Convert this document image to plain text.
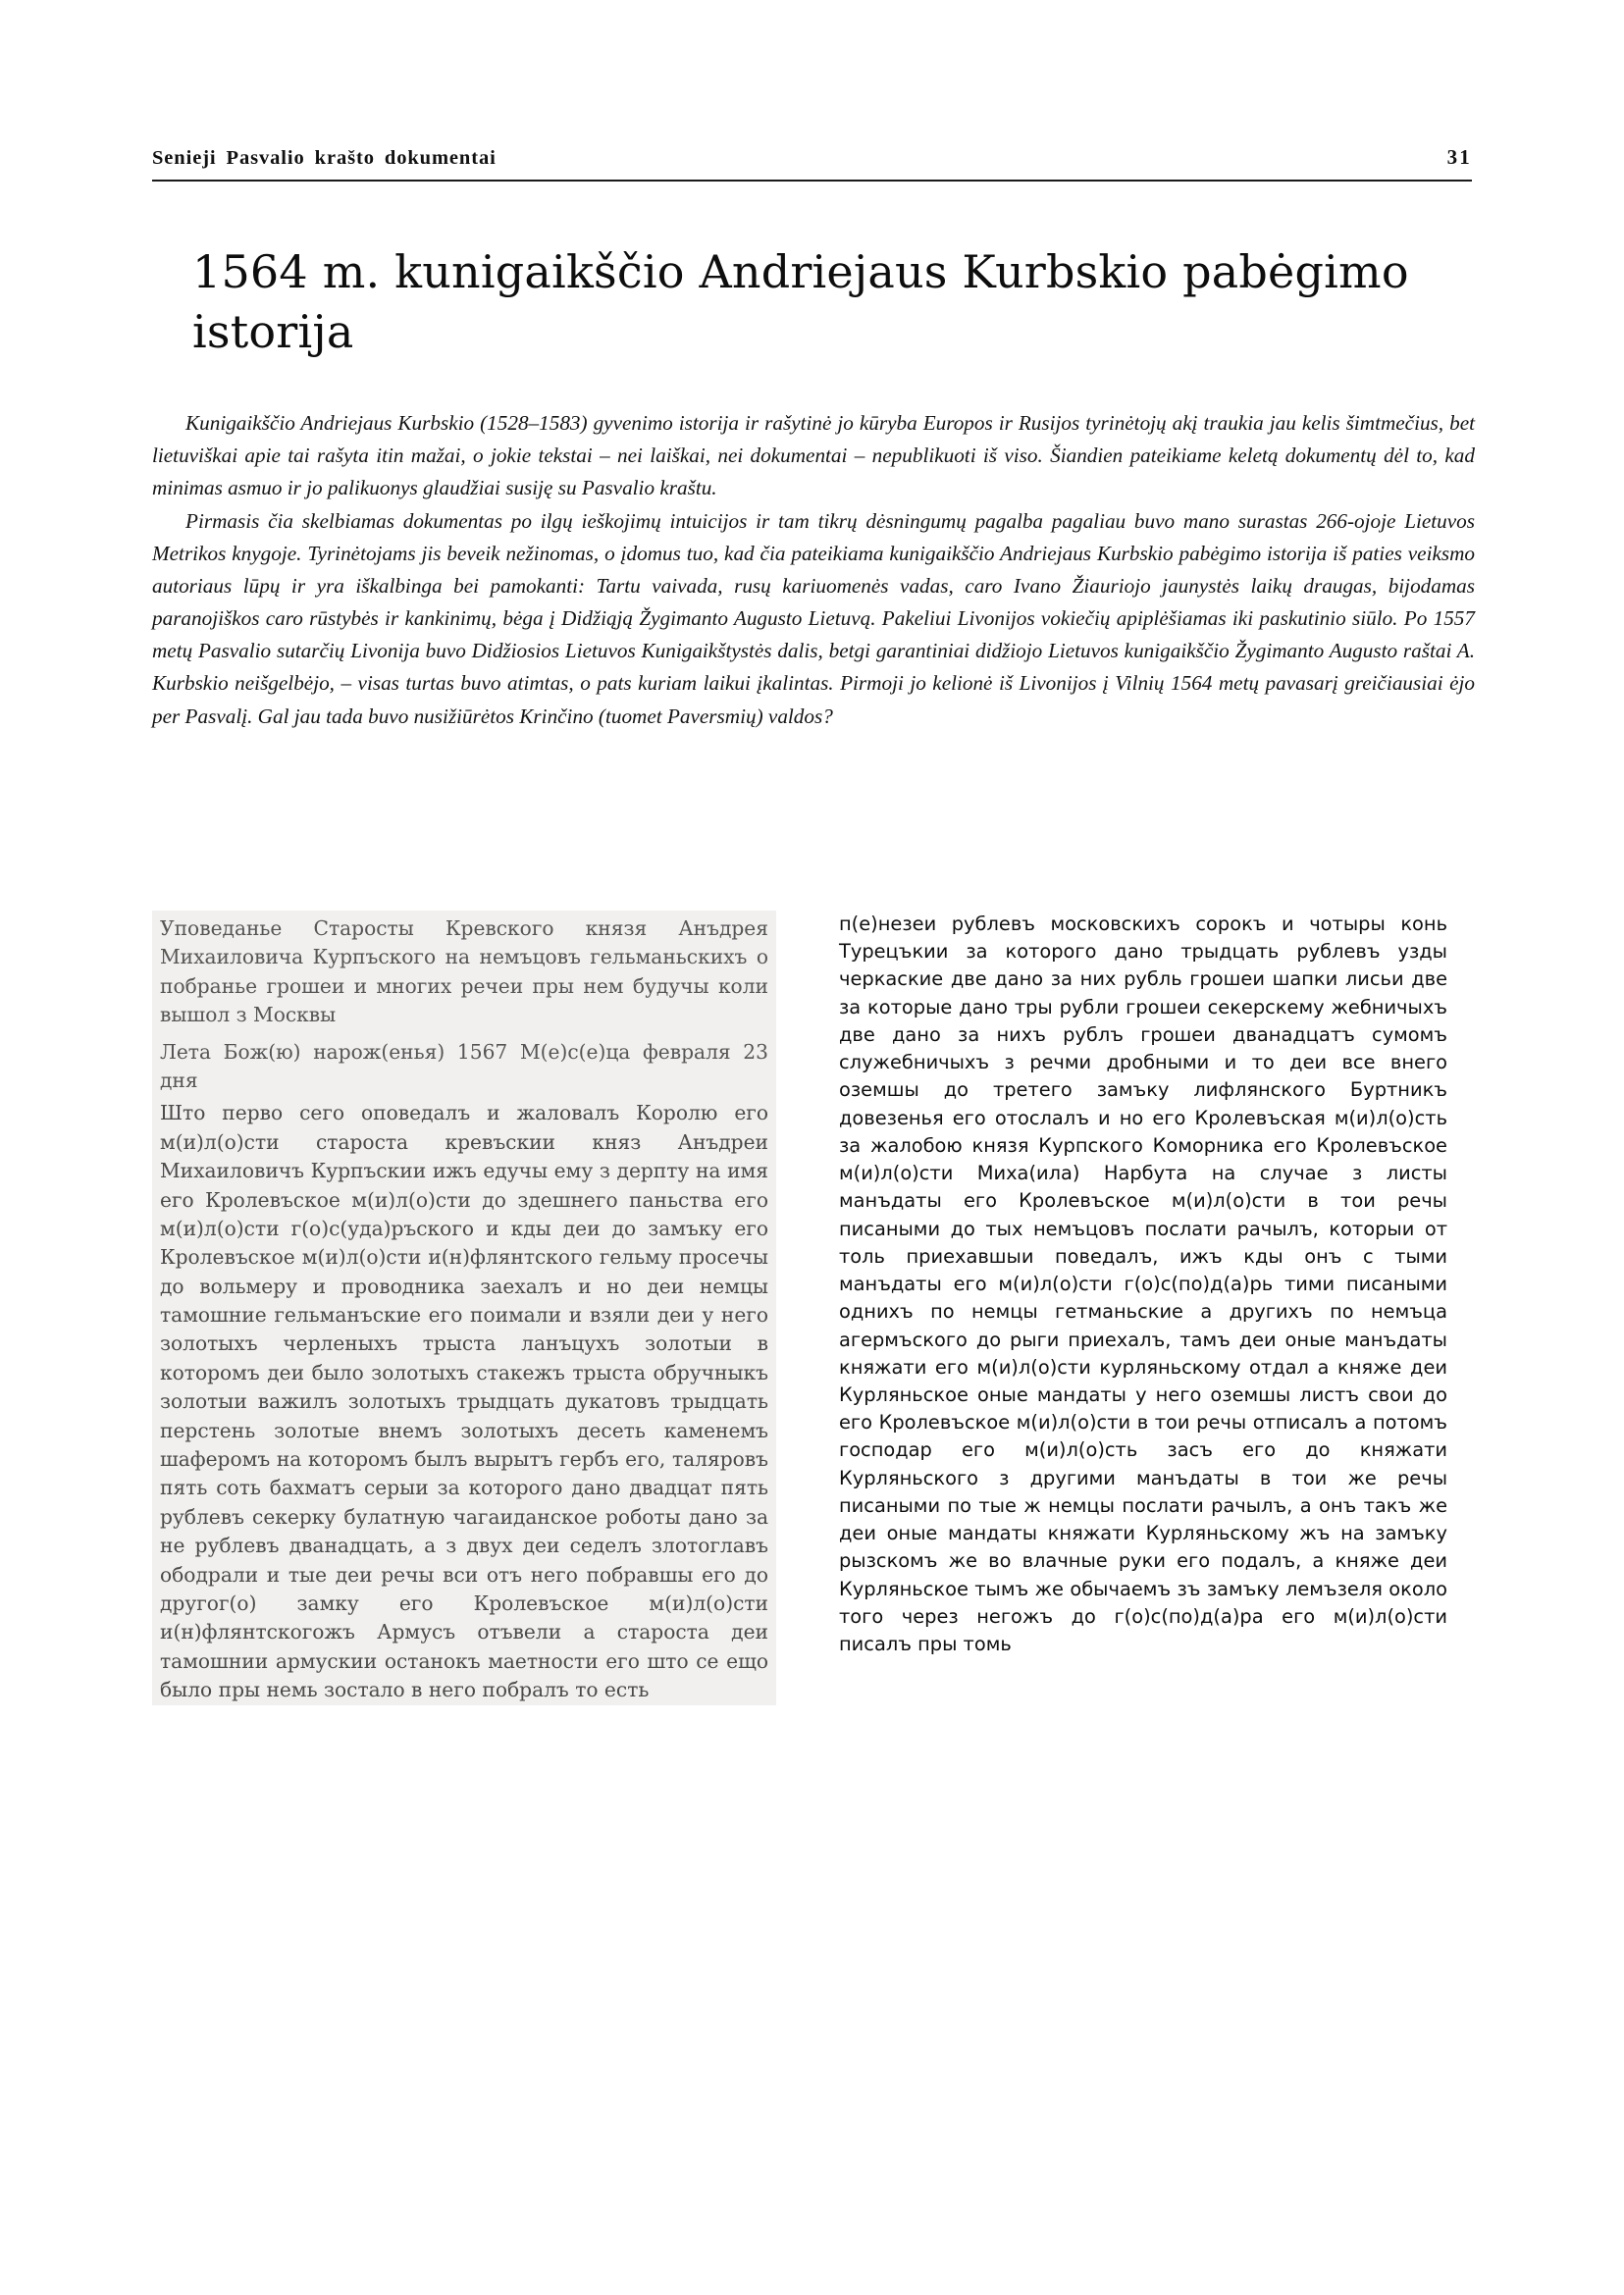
Senieji Pasvalio krašto dokumentai	31
1564 m. kunigaikščio Andriejaus Kurbskio pabėgimo istorija

Kunigaikščio Andriejaus Kurbskio (1528–1583) gyvenimo istorija ir rašytinė jo kūryba Europos ir Rusijos tyrinėtojų akį traukia jau kelis šimtmečius, bet lietuviškai apie tai rašyta itin mažai, o jokie tekstai – nei laiškai, nei dokumentai – nepublikuoti iš viso. Šiandien pateikiame keletą dokumentų dėl to, kad minimas asmuo ir jo palikuonys glaudžiai susiję su Pasvalio kraštu.

Pirmasis čia skelbiamas dokumentas po ilgų ieškojimų intuicijos ir tam tikrų dėsningumų pagalba pagaliau buvo mano surastas 266-ojoje Lietuvos Metrikos knygoje. Tyrinėtojams jis beveik nežinomas, o įdomus tuo, kad čia pateikiama kunigaikščio Andriejaus Kurbskio pabėgimo istorija iš paties veiksmo autoriaus lūpų ir yra iškalbinga bei pamokanti: Tartu vaivada, rusų kariuomenės vadas, caro Ivano Žiauriojo jaunystės laikų draugas, bijodamas paranojiškos caro rūstybės ir kankinimų, bėga į Didžiąją Žygimanto Augusto Lietuvą. Pakeliui Livonijos vokiečių apiplėšiamas iki paskutinio siūlo. Po 1557 metų Pasvalio sutarčių Livonija buvo Didžiosios Lietuvos Kunigaikštystės dalis, betgi garantiniai didžiojo Lietuvos kunigaikščio Žygimanto Augusto raštai A. Kurbskio neišgelbėjo, – visas turtas buvo atimtas, o pats kuriam laikui įkalintas. Pirmoji jo kelionė iš Livonijos į Vilnių 1564 metų pavasarį greičiausiai ėjo per Pasvalį. Gal jau tada buvo nusižiūrėtos Krinčino (tuomet Paversmių) valdos?

Уповеданье Старосты Кревского князя Анъдрея Михаиловича Курпъского на немъцовъ гельманьскихъ о побранье грошеи и многих речеи пры нем будучы коли вышол з Москвы

Лета Бож(ю) нарож(енья) 1567 М(е)с(е)ца февраля 23 дня

Што перво сего оповедалъ и жаловалъ Королю его м(и)л(о)сти староста кревъскии княз Анъдреи Михаиловичъ Курпъскии ижъ едучы ему з дерпту на имя его Кролевъское м(и)л(о)сти до здешнего паньства его м(и)л(о)сти г(о)с(уда)ръского и кды деи до замъку его Кролевъское м(и)л(о)сти и(н)флянтского гельму просечы до вольмеру и проводника заехалъ и но деи немцы тамошние гельманъские его поимали и взяли деи у него золотыхъ черленыхъ трыста ланъцухъ золотыи в которомъ деи было золотыхъ стакежъ трыста обручныкъ золотыи важилъ золотыхъ трыдцать дукатовъ трыдцать перстень золотые внемъ золотыхъ десеть каменемъ шаферомъ на которомъ былъ вырытъ гербъ его, таляровъ пять соть бахматъ серыи за которого дано двадцат пять рублевъ секерку булатную чагаиданское роботы дано за не рублевъ дванадцать, а з двух деи седелъ злотоглавъ ободрали и тые деи речы вси отъ него побравшы его до другог(о) замку его Кролевъское м(и)л(о)сти и(н)флянтскогожъ Армусъ отъвели а староста деи тамошнии армускии останокъ маетности его што се ещо было пры немь зостало в него побралъ то есть

п(е)незеи рублевъ московскихъ сорокъ и чотыры конь Турецъкии за которого дано трыдцать рублевъ узды черкаские две дано за них рубль грошеи шапки лисьи две за которые дано тры рубли грошеи секерскему жебничыхъ две дано за нихъ рублъ грошеи дванадцатъ сумомъ служебничыхъ з речми дробными и то деи все внего оземшы до третего замъку лифлянского Буртникъ довезенья его отослалъ и но его Кролевъская м(и)л(о)сть за жалобою князя Курпского Коморника его Кролевъское м(и)л(о)сти Миха(ила) Нарбута на случае з листы манъдаты его Кролевъское м(и)л(о)сти в тои речы писаными до тых немъцовъ послати рачылъ, которыи от толь приехавшыи поведалъ, ижъ кды онъ с тыми манъдаты его м(и)л(о)сти г(о)с(по)д(а)рь тими писаными однихъ по немцы гетманьские а другихъ по немъца агермъского до рыги приехалъ, тамъ деи оные манъдаты княжати его м(и)л(о)сти курляньскому отдал а княже деи Курляньское оные мандаты у него оземшы листъ свои до его Кролевъское м(и)л(о)сти в тои речы отписалъ а потомъ господар его м(и)л(о)сть засъ его до княжати Курляньского з другими манъдаты в тои же речы писаными по тые ж немцы послати рачылъ, а онъ такъ же деи оные мандаты княжати Курляньскому жъ на замъку рызскомъ же во влачные руки его подалъ, а княже деи Курляньское тымъ же обычаемъ зъ замъку лемъзеля около того через негожъ до г(о)с(по)д(а)ра его м(и)л(о)сти писалъ пры томь
